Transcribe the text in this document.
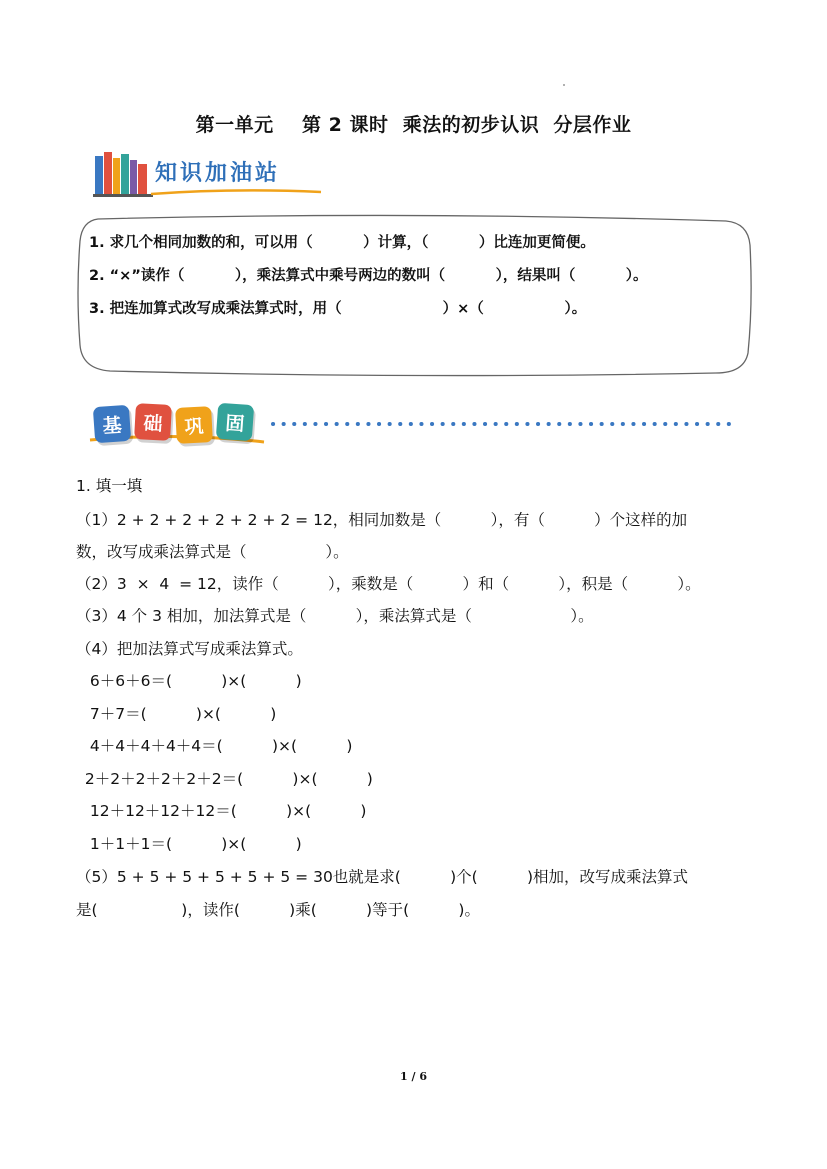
第一单元    第 2 课时  乘法的初步认识  分层作业
知识加油站
1. 求几个相同加数的和，可以用（          ）计算，（          ）比连加更简便。
2. “×”读作（          ），乘法算式中乘号两边的数叫（          ），结果叫（          ）。
3. 把连加算式改写成乘法算式时，用（                    ）×（                ）。
基 础 巩 固
1. 填一填
（1）2 + 2 + 2 + 2 + 2 + 2 = 12，相同加数是（          ），有（          ）个这样的加
数，改写成乘法算式是（                ）。
（2）3  ×  4  = 12，读作（          ），乘数是（          ）和（          ），积是（          ）。
（3）4 个 3 相加，加法算式是（          ），乘法算式是（                    ）。
（4）把加法算式写成乘法算式。
6＋6＋6＝(          )×(          )
7＋7＝(          )×(          )
4＋4＋4＋4＋4＝(          )×(          )
2＋2＋2＋2＋2＋2＝(          )×(          )
12＋12＋12＋12＝(          )×(          )
1＋1＋1＝(          )×(          )
（5）5 + 5 + 5 + 5 + 5 + 5 = 30也就是求(          )个(          )相加，改写成乘法算式
是(                 )，读作(          )乘(          )等于(          )。
1 / 6
